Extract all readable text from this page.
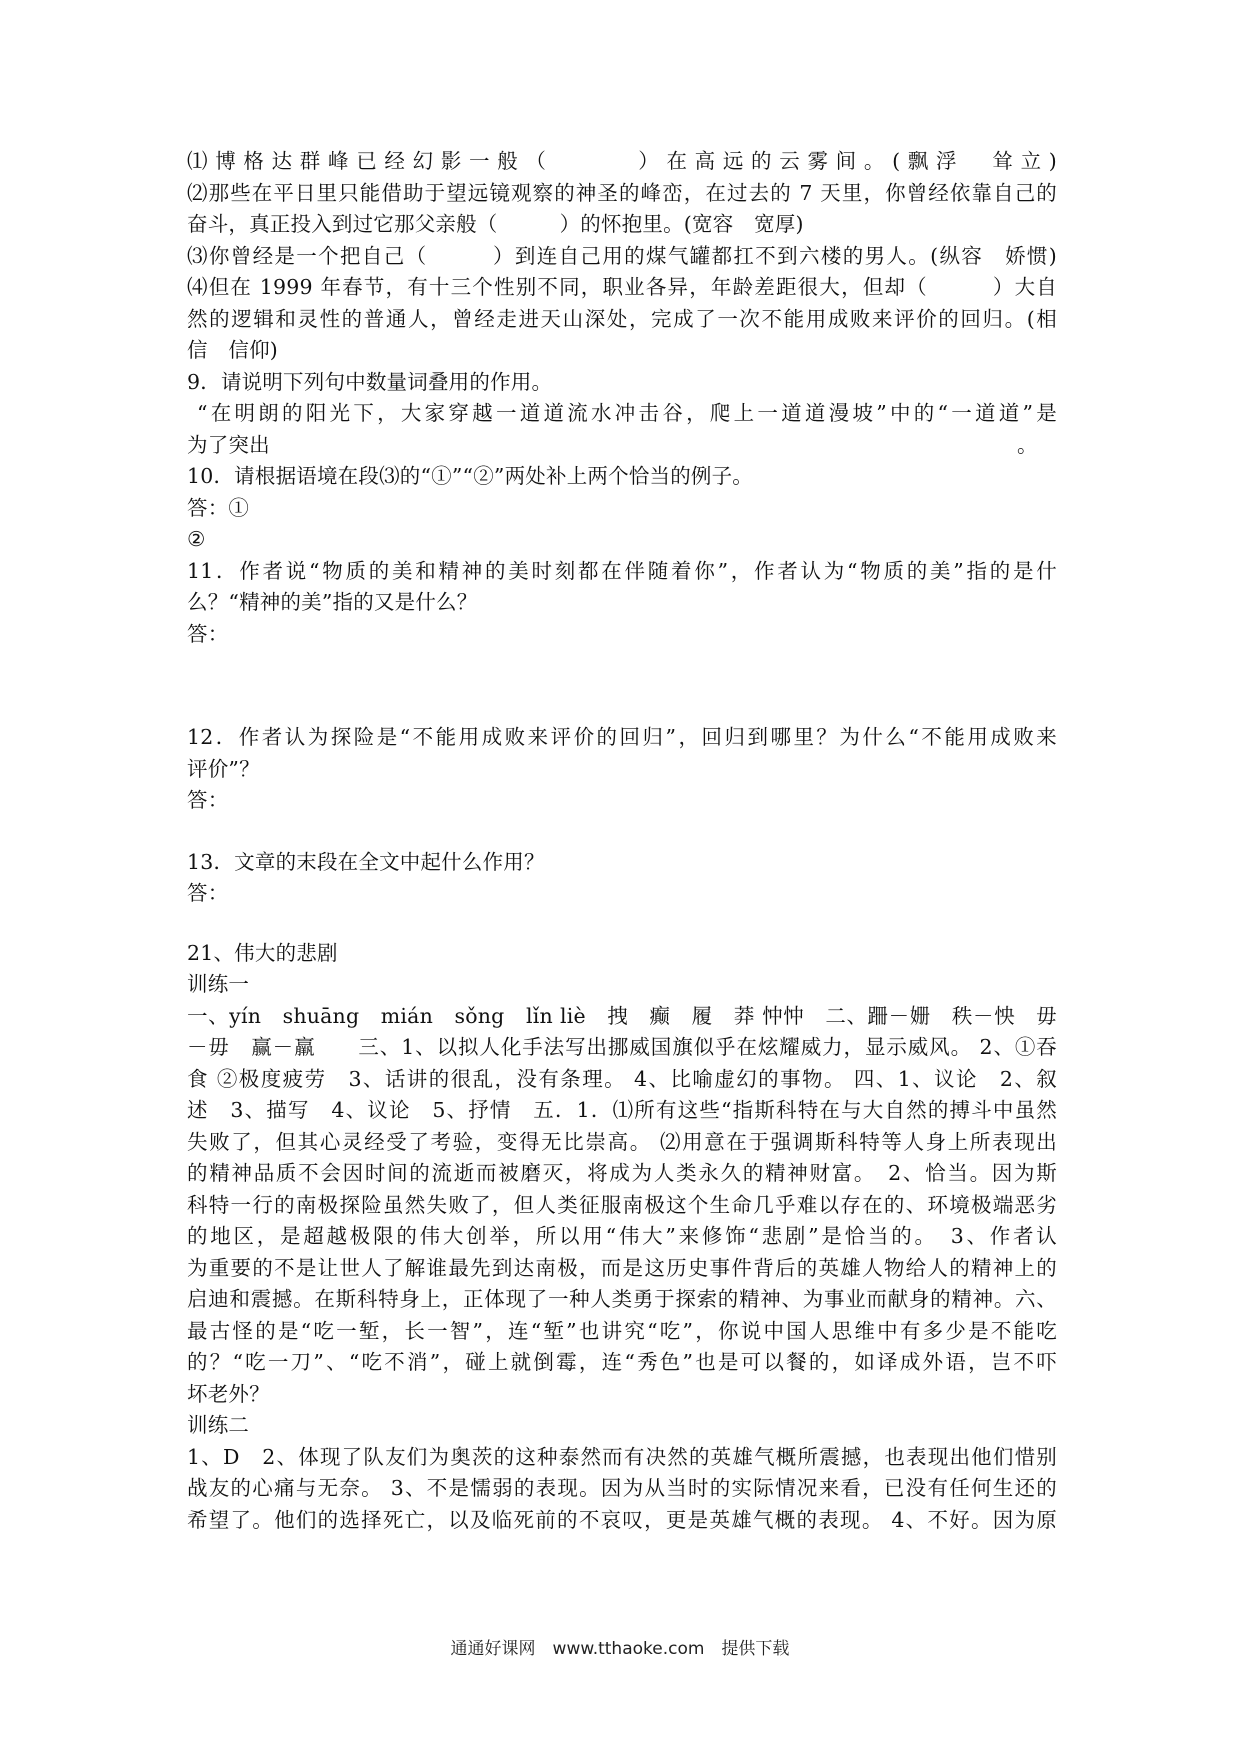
⑴博格达群峰已经幻影一般（　　　）在高远的云雾间。(飘浮　耸立)
⑵那些在平日里只能借助于望远镜观察的神圣的峰峦，在过去的 7 天里，你曾经依靠自己的
奋斗，真正投入到过它那父亲般（　　　）的怀抱里。(宽容　宽厚)
⑶你曾经是一个把自己（　　　）到连自己用的煤气罐都扛不到六楼的男人。(纵容　娇惯)
⑷但在 1999 年春节，有十三个性别不同，职业各异，年龄差距很大，但却（　　　）大自
然的逻辑和灵性的普通人，曾经走进天山深处，完成了一次不能用成败来评价的回归。(相
信　信仰)
9．请说明下列句中数量词叠用的作用。
“在明朗的阳光下，大家穿越一道道流水冲击谷，爬上一道道漫坡”中的“一道道”是
为了突出	。
10．请根据语境在段⑶的“①”“②”两处补上两个恰当的例子。
答：①
②
11．作者说“物质的美和精神的美时刻都在伴随着你”，作者认为“物质的美”指的是什
么？“精神的美”指的又是什么？
答：
12．作者认为探险是“不能用成败来评价的回归”，回归到哪里？为什么“不能用成败来
评价”？
答：
13．文章的末段在全文中起什么作用？
答：
21、伟大的悲剧
训练一
一、yín　shuāng　mián　sǒng　lǐn liè　拽　癫　履　莽 忡忡　二、跚－姗　秩－怏　毋
－毋　赢－羸　　三、1、以拟人化手法写出挪威国旗似乎在炫耀威力，显示威风。 2、①吞
食 ②极度疲劳　3、话讲的很乱，没有条理。 4、比喻虚幻的事物。 四、1、议论　2、叙
述　3、描写　4、议论　5、抒情　五．1．⑴所有这些“指斯科特在与大自然的搏斗中虽然
失败了，但其心灵经受了考验，变得无比崇高。 ⑵用意在于强调斯科特等人身上所表现出
的精神品质不会因时间的流逝而被磨灭，将成为人类永久的精神财富。　2、恰当。因为斯
科特一行的南极探险虽然失败了，但人类征服南极这个生命几乎难以存在的、环境极端恶劣
的地区，是超越极限的伟大创举，所以用“伟大”来修饰“悲剧”是恰当的。　3、作者认
为重要的不是让世人了解谁最先到达南极，而是这历史事件背后的英雄人物给人的精神上的
启迪和震撼。在斯科特身上，正体现了一种人类勇于探索的精神、为事业而献身的精神。六、
最古怪的是“吃一堑，长一智”，连“堑”也讲究“吃”，你说中国人思维中有多少是不能吃
的？“吃一刀”、“吃不消”，碰上就倒霉，连“秀色”也是可以餐的，如译成外语，岂不吓
坏老外？
训练二
1、D　2、体现了队友们为奥茨的这种泰然而有决然的英雄气概所震撼，也表现出他们惜别
战友的心痛与无奈。 3、不是懦弱的表现。因为从当时的实际情况来看，已没有任何生还的
希望了。他们的选择死亡，以及临死前的不哀叹，更是英雄气概的表现。 4、不好。因为原
通通好课网　www.tthaoke.com　提供下载
